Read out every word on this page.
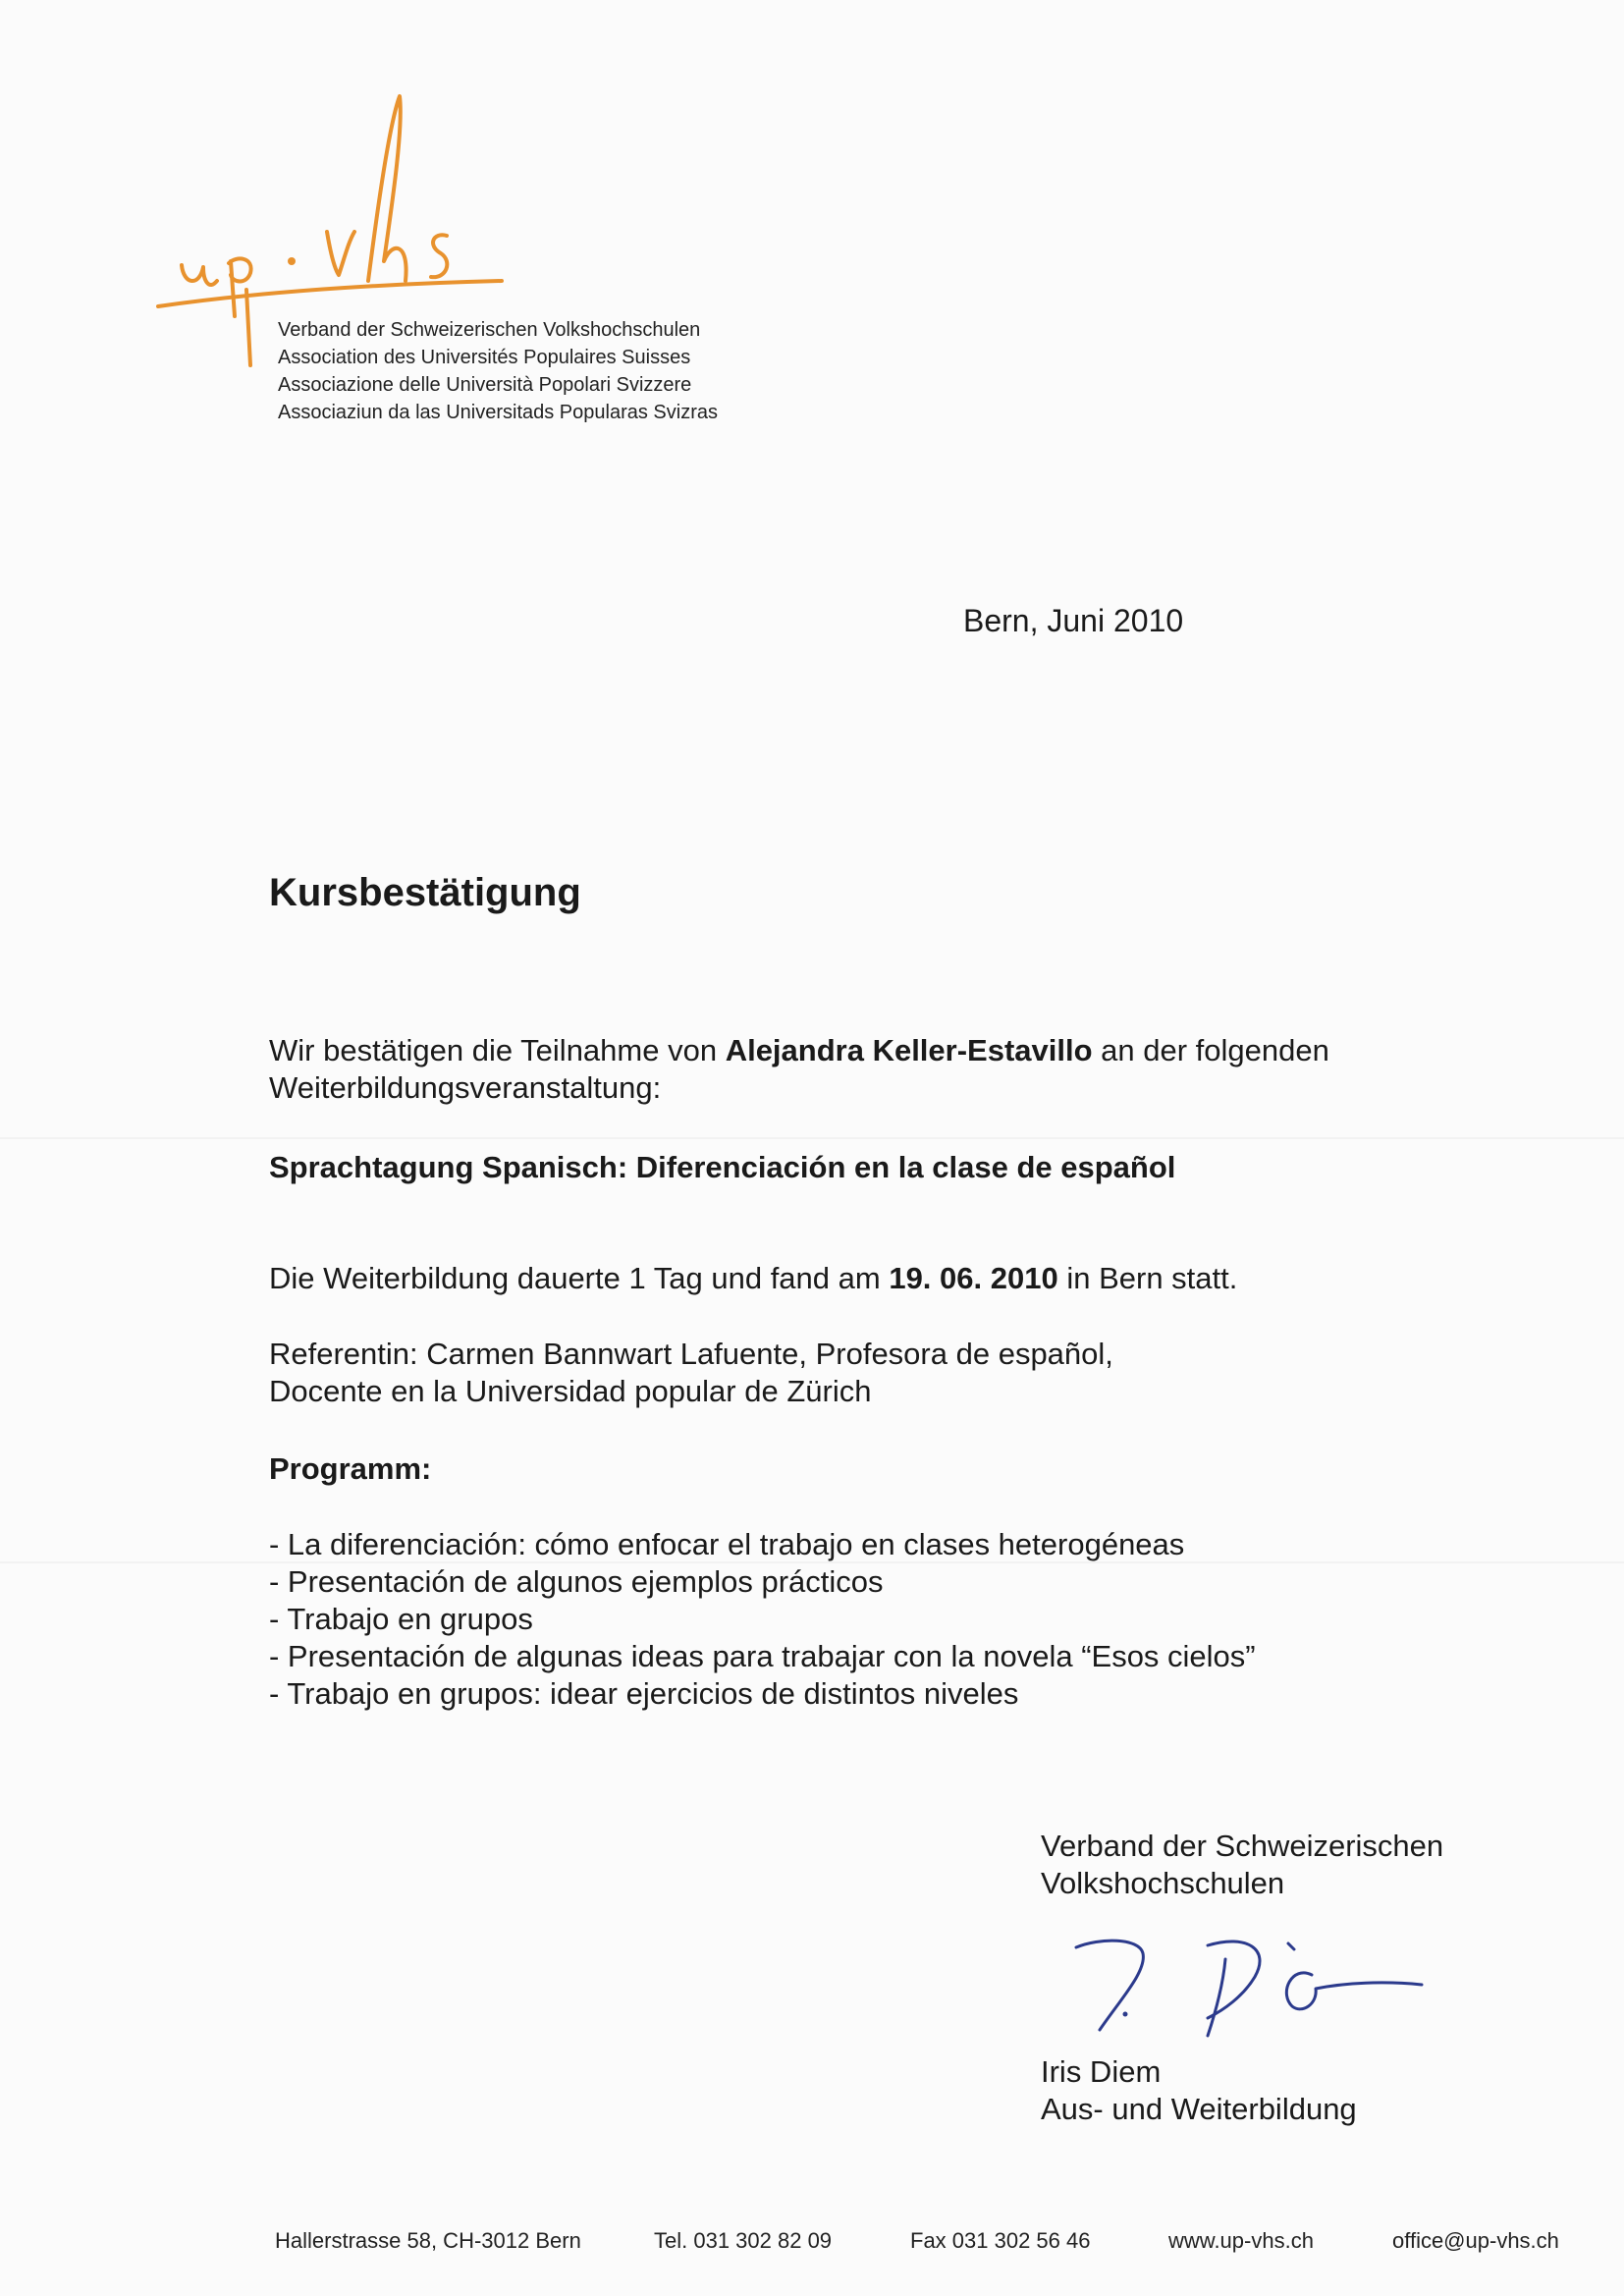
Verband der Schweizerischen Volkshochschulen
Association des Universités Populaires Suisses
Associazione delle Università Popolari Svizzere
Associaziun da las Universitads Popularas Svizras
Bern, Juni 2010
Kursbestätigung
Wir bestätigen die Teilnahme von Alejandra Keller-Estavillo an der folgenden
Weiterbildungsveranstaltung:
Sprachtagung Spanisch: Diferenciación en la clase de español
Die Weiterbildung dauerte 1 Tag und fand am 19. 06. 2010 in Bern statt.
Referentin: Carmen Bannwart Lafuente, Profesora de español,
Docente en la Universidad popular de Zürich
Programm:
- La diferenciación: cómo enfocar el trabajo en clases heterogéneas
- Presentación de algunos ejemplos prácticos
- Trabajo en grupos
- Presentación de algunas ideas para trabajar con la novela “Esos cielos”
- Trabajo en grupos: idear ejercicios de distintos niveles
Verband der Schweizerischen
Volkshochschulen
Iris Diem
Aus- und Weiterbildung
Hallerstrasse 58, CH-3012 Bern	Tel. 031 302 82 09	Fax 031 302 56 46	www.up-vhs.ch	office@up-vhs.ch
